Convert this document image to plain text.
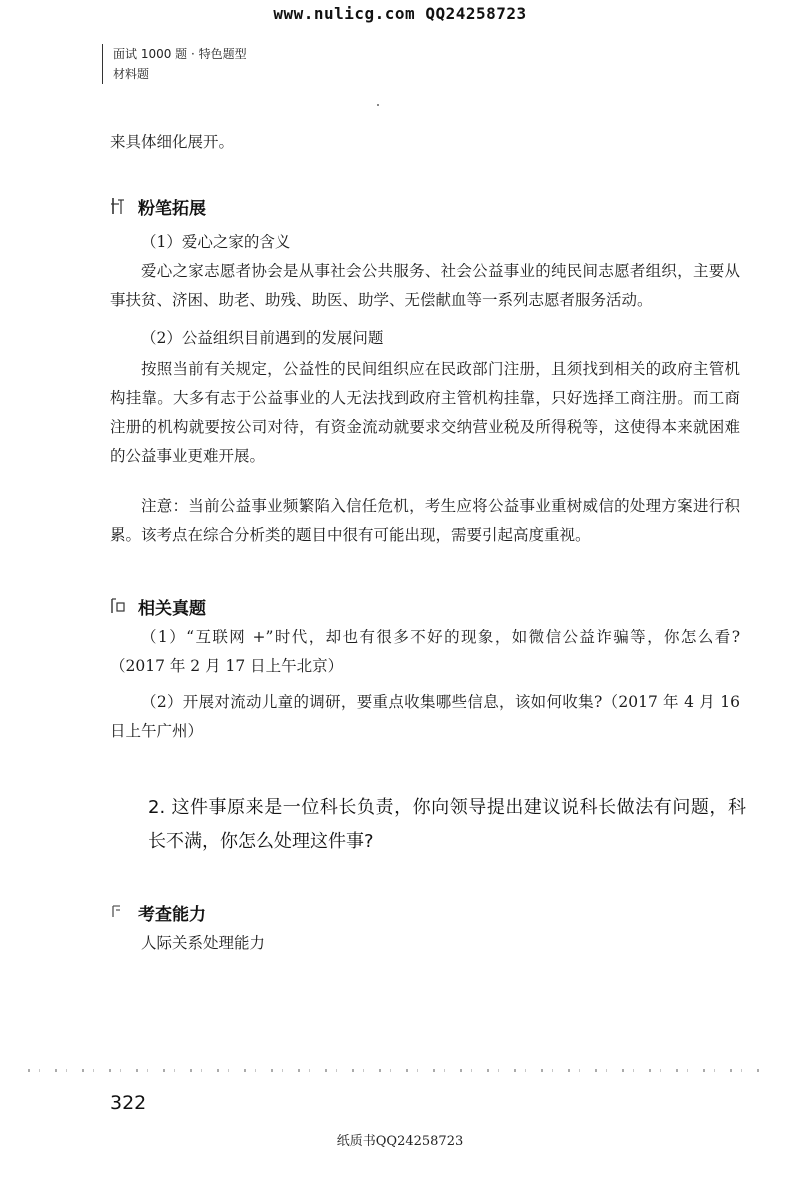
www.nulicg.com QQ24258723
面试 1000 题 · 特色题型
材料题
来具体细化展开。
粉笔拓展
（1）爱心之家的含义
爱心之家志愿者协会是从事社会公共服务、社会公益事业的纯民间志愿者组织，主要从事扶贫、济困、助老、助残、助医、助学、无偿献血等一系列志愿者服务活动。
（2）公益组织目前遇到的发展问题
按照当前有关规定，公益性的民间组织应在民政部门注册，且须找到相关的政府主管机构挂靠。大多有志于公益事业的人无法找到政府主管机构挂靠，只好选择工商注册。而工商注册的机构就要按公司对待，有资金流动就要求交纳营业税及所得税等，这使得本来就困难的公益事业更难开展。
注意：当前公益事业频繁陷入信任危机，考生应将公益事业重树威信的处理方案进行积累。该考点在综合分析类的题目中很有可能出现，需要引起高度重视。
相关真题
（1）“互联网 +”时代，却也有很多不好的现象，如微信公益诈骗等，你怎么看?（2017 年 2 月 17 日上午北京）
（2）开展对流动儿童的调研，要重点收集哪些信息，该如何收集?（2017 年 4 月 16 日上午广州）
2. 这件事原来是一位科长负责，你向领导提出建议说科长做法有问题，科长不满，你怎么处理这件事?
考查能力
人际关系处理能力
322
纸质书QQ24258723
